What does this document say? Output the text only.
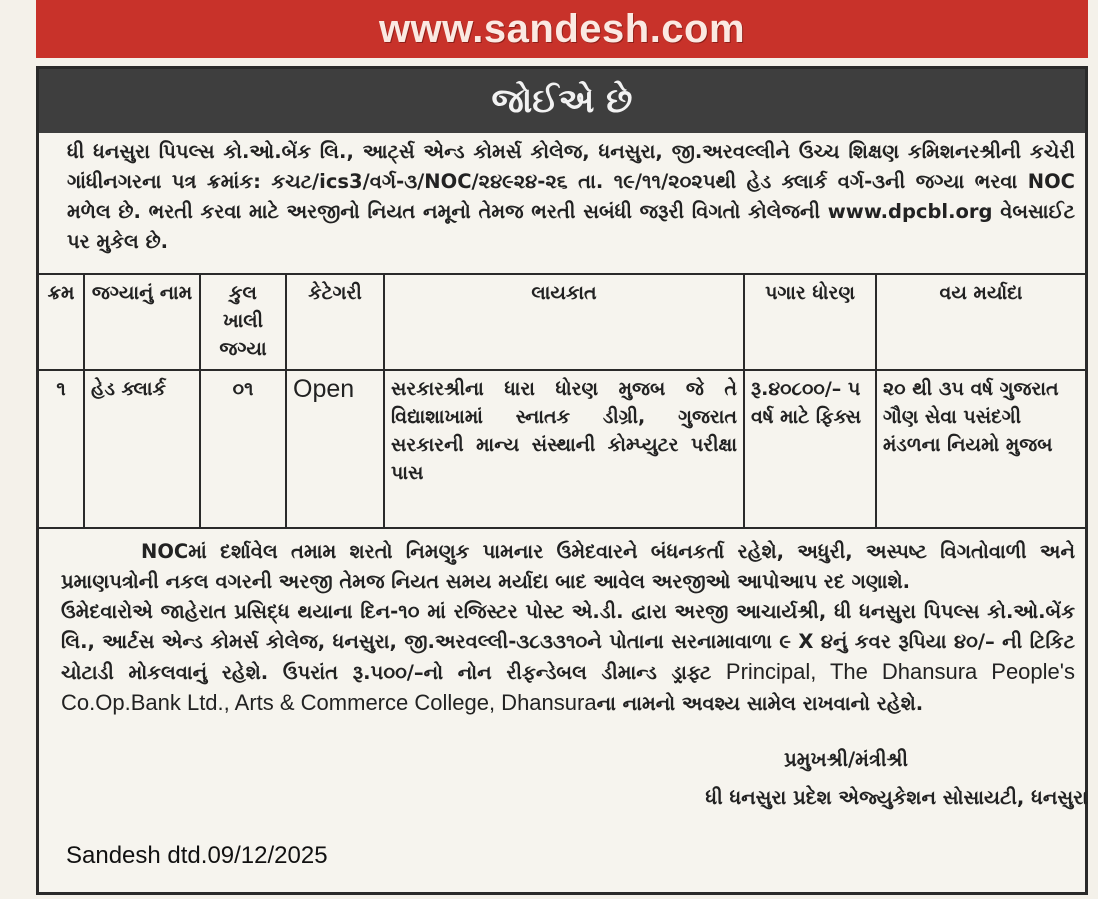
www.sandesh.com
જોઈએ છે
ધી ધનસુરા પિપલ્સ કો.ઓ.બેંક લિ., આર્ટ્સ એન્ડ કોમર્સ કોલેજ, ધનસુરા, જી.અરવલ્લીને ઉચ્ચ શિક્ષણ કમિશનરશ્રીની કચેરી ગાંધીનગરના પત્ર ક્રમાંક: કચટ/ics3/વર્ગ-૩/NOC/૨૪૯૨૪-૨૬ તા. ૧૯/૧૧/૨૦૨૫થી હેડ ક્લાર્ક વર્ગ-૩ની જગ્યા ભરવા NOC મળેલ છે. ભરતી કરવા માટે અરજીનો નિયત નમૂનો તેમજ ભરતી સબંધી જરૂરી વિગતો કોલેજની www.dpcbl.org વેબસાઈટ પર મુકેલ છે.
ક્રમ	જગ્યાનું નામ	કુલ ખાલી જગ્યા	કેટેગરી	લાયકાત	પગાર ધોરણ	વય મર્યાદા
૧	હેડ ક્લાર્ક	૦૧	Open	સરકારશ્રીના ધારા ધોરણ મુજબ જે તે વિદ્યાશાખામાં સ્નાતક ડીગ્રી, ગુજરાત સરકારની માન્ય સંસ્થાની કોમ્પ્યુટર પરીક્ષા પાસ	રૂ.૪૦૮૦૦/– ૫ વર્ષ માટે ફિક્સ	૨૦ થી ૩૫ વર્ષ ગુજરાત ગૌણ સેવા પસંદગી મંડળના નિયમો મુજબ

NOCમાં દર્શાવેલ તમામ શરતો નિમણુક પામનાર ઉમેદવારને બંધનકર્તા રહેશે, અધુરી, અસ્પષ્ટ વિગતોવાળી અને પ્રમાણપત્રોની નકલ વગરની અરજી તેમજ નિયત સમય મર્યાદા બાદ આવેલ અરજીઓ આપોઆપ રદ ગણાશે.

ઉમેદવારોએ જાહેરાત પ્રસિદ્ધ થયાના દિન-૧૦ માં રજિસ્ટર પોસ્ટ એ.ડી. દ્વારા અરજી આચાર્યશ્રી, ધી ધનસુરા પિપલ્સ કો.ઓ.બેંક લિ., આર્ટસ એન્ડ કોમર્સ કોલેજ, ધનસુરા, જી.અરવલ્લી-૩૮૩૩૧૦ને પોતાના સરનામાવાળા ૯ X ૪નું કવર રૂપિયા ૪૦/– ની ટિકિટ ચોટાડી મોકલવાનું રહેશે. ઉપરાંત રૂ.૫૦૦/–નો નોન રીફન્ડેબલ ડીમાન્ડ ડ્રાફ્ટ Principal, The Dhansura People's Co.Op.Bank Ltd., Arts & Commerce College, Dhansuraના નામનો અવશ્ય સામેલ રાખવાનો રહેશે.

પ્રમુખશ્રી/મંત્રીશ્રી
ધી ધનસુરા પ્રદેશ એજ્યુકેશન સોસાયટી, ધનસુરા
Sandesh dtd.09/12/2025
